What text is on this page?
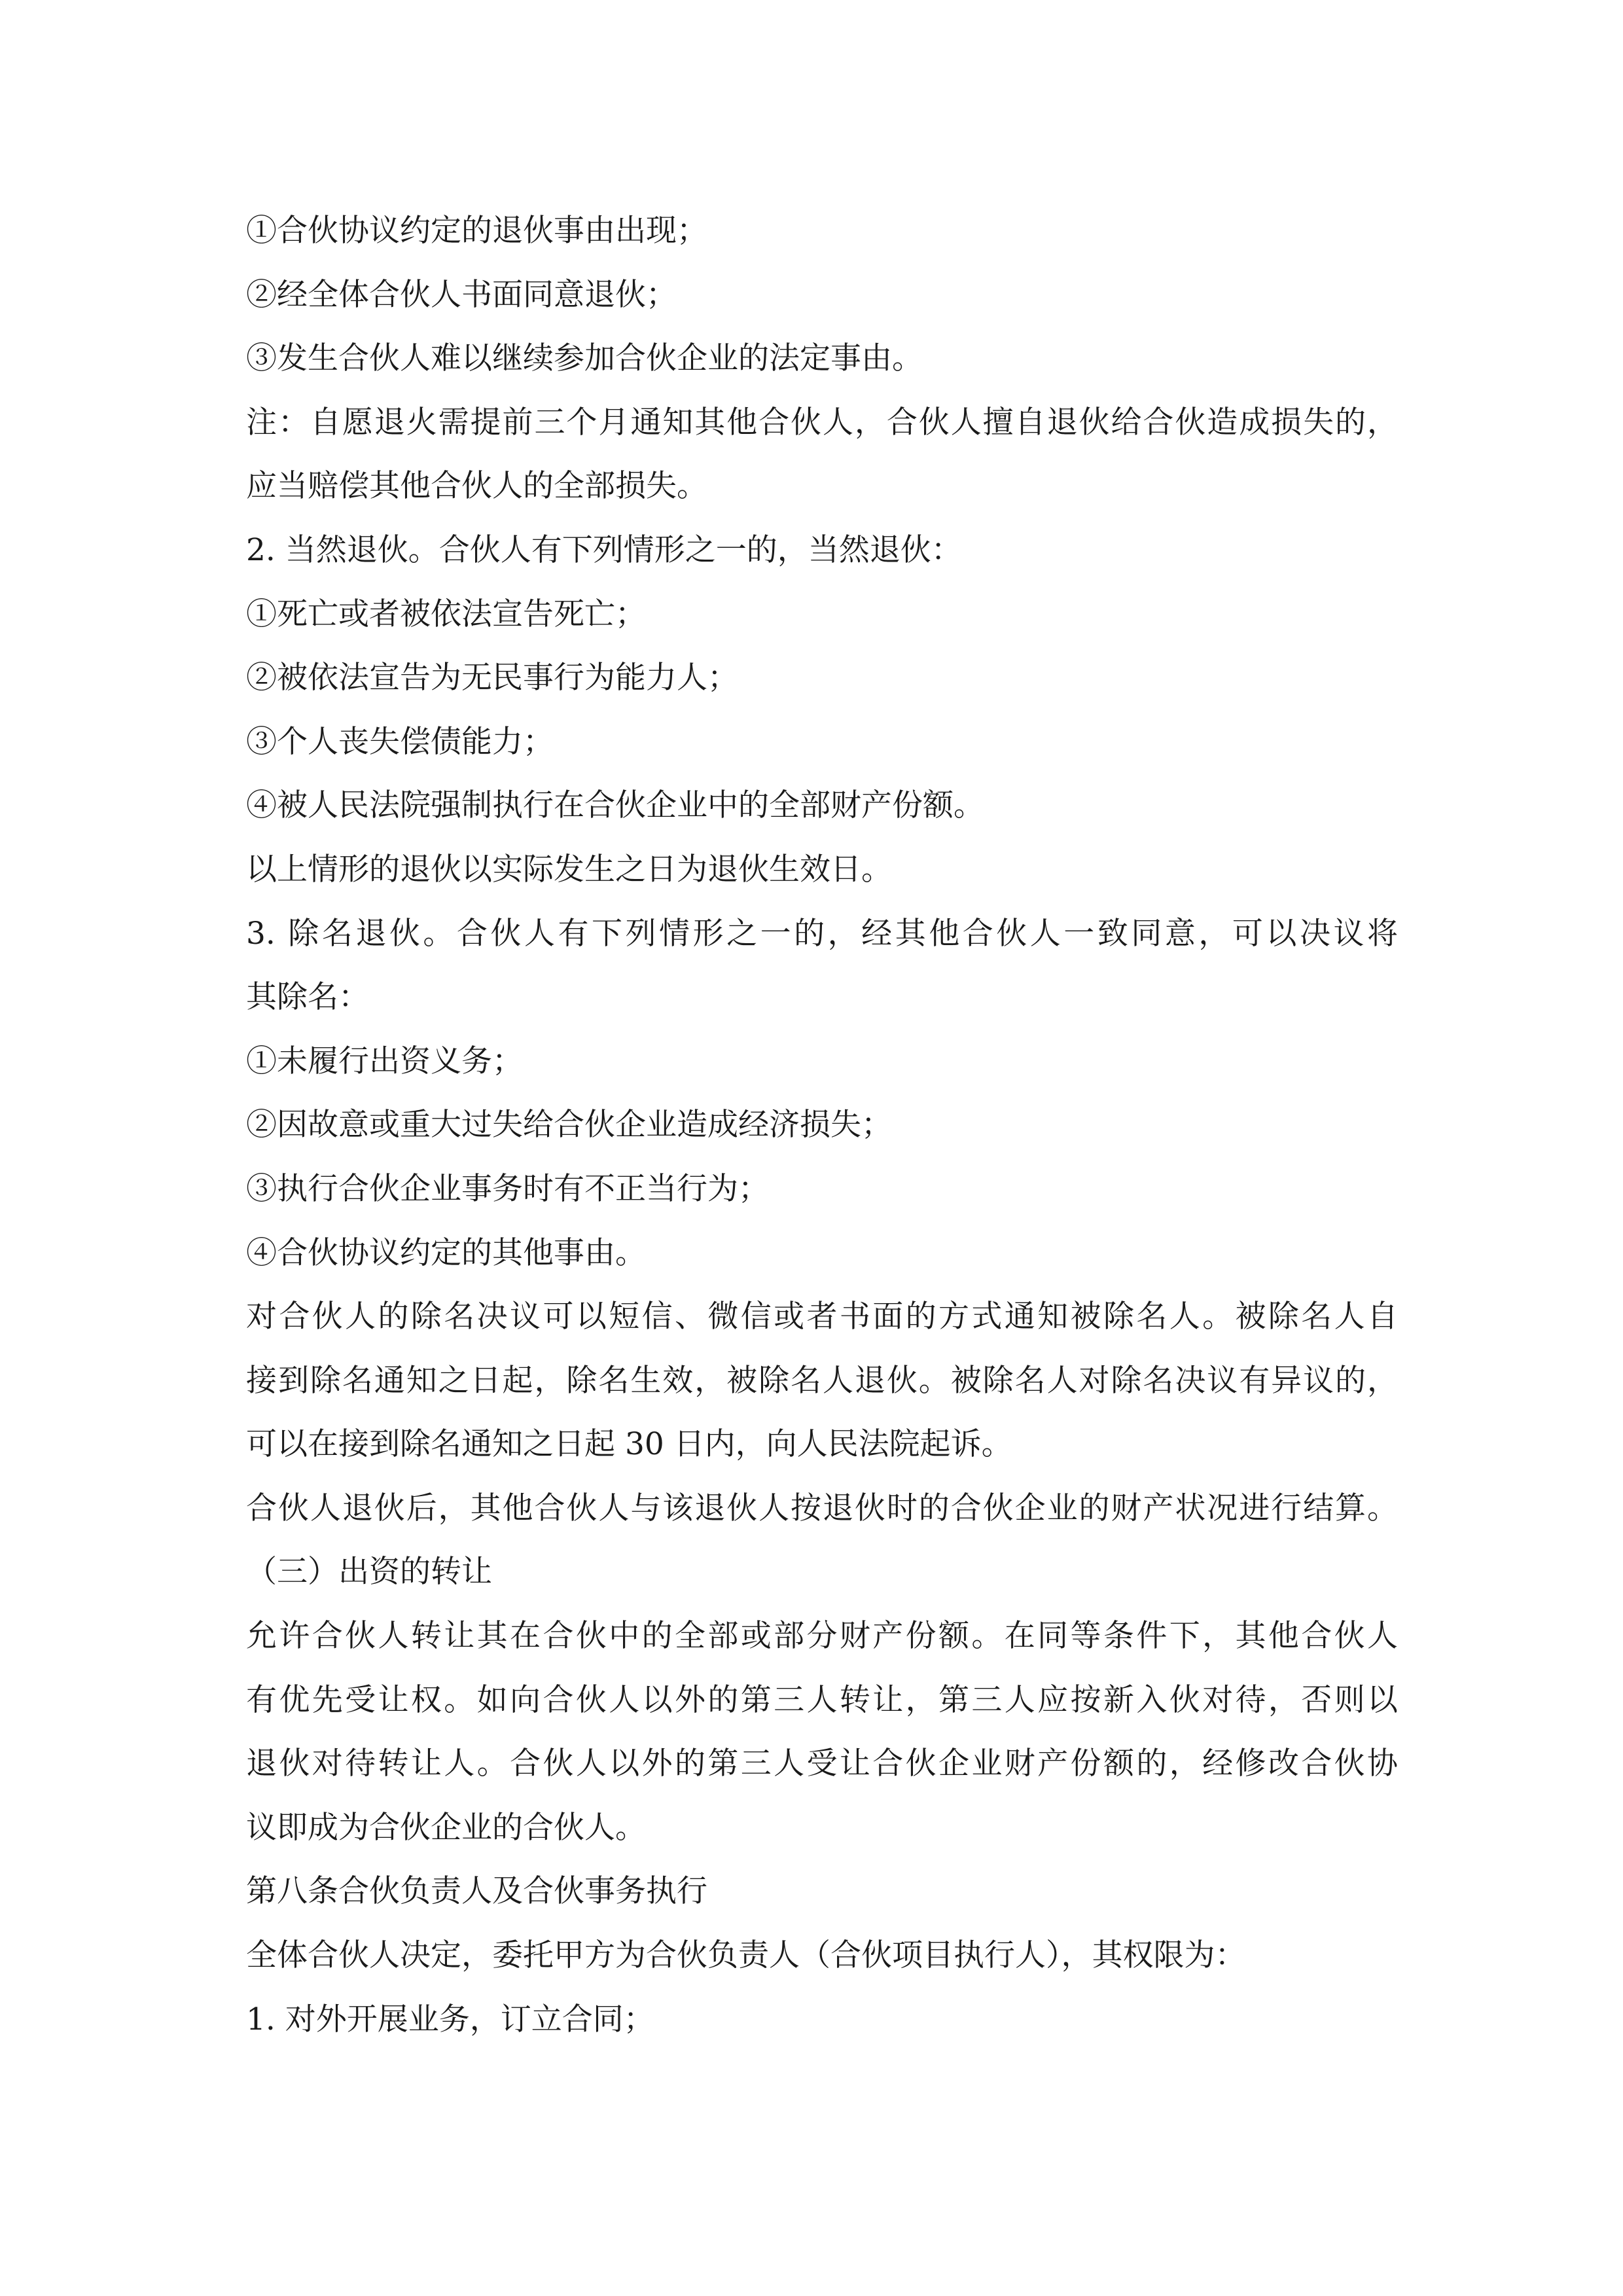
①合伙协议约定的退伙事由出现；
②经全体合伙人书面同意退伙；
③发生合伙人难以继续参加合伙企业的法定事由。
注：自愿退火需提前三个月通知其他合伙人，合伙人擅自退伙给合伙造成损失的，
应当赔偿其他合伙人的全部损失。
2. 当然退伙。合伙人有下列情形之一的，当然退伙：
①死亡或者被依法宣告死亡；
②被依法宣告为无民事行为能力人；
③个人丧失偿债能力；
④被人民法院强制执行在合伙企业中的全部财产份额。
以上情形的退伙以实际发生之日为退伙生效日。
3. 除名退伙。合伙人有下列情形之一的，经其他合伙人一致同意，可以决议将
其除名：
①未履行出资义务；
②因故意或重大过失给合伙企业造成经济损失；
③执行合伙企业事务时有不正当行为；
④合伙协议约定的其他事由。
对合伙人的除名决议可以短信、微信或者书面的方式通知被除名人。被除名人自
接到除名通知之日起，除名生效，被除名人退伙。被除名人对除名决议有异议的，
可以在接到除名通知之日起 30 日内，向人民法院起诉。
合伙人退伙后，其他合伙人与该退伙人按退伙时的合伙企业的财产状况进行结算。
（三）出资的转让
允许合伙人转让其在合伙中的全部或部分财产份额。在同等条件下，其他合伙人
有优先受让权。如向合伙人以外的第三人转让，第三人应按新入伙对待，否则以
退伙对待转让人。合伙人以外的第三人受让合伙企业财产份额的，经修改合伙协
议即成为合伙企业的合伙人。
第八条合伙负责人及合伙事务执行
全体合伙人决定，委托甲方为合伙负责人（合伙项目执行人），其权限为：
1. 对外开展业务，订立合同；
